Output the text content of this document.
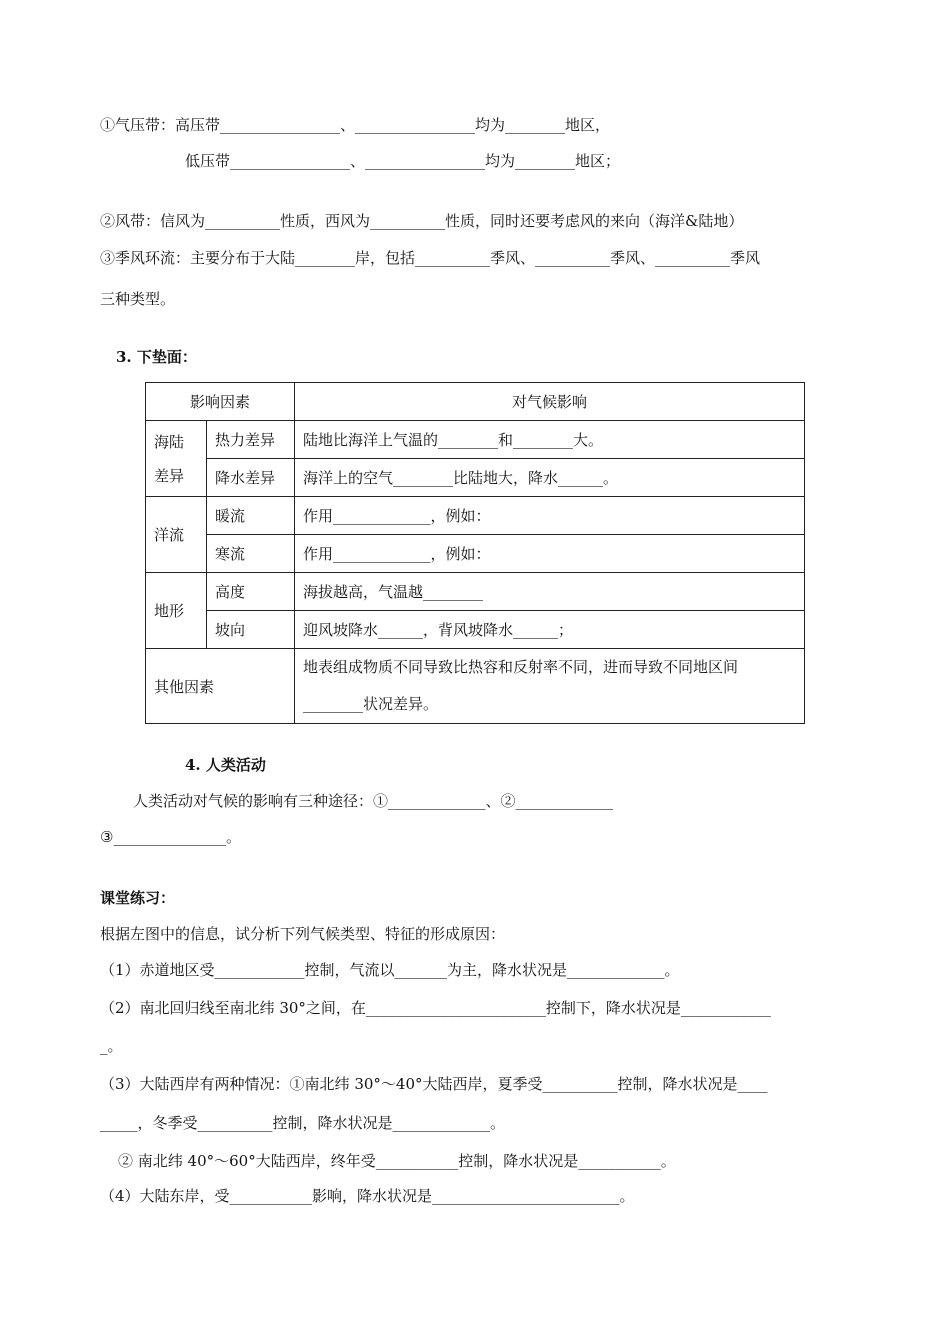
①气压带：高压带________________、________________均为________地区，
低压带________________、________________均为________地区；
②风带：信风为__________性质，西风为__________性质，同时还要考虑风的来向（海洋&陆地）
③季风环流：主要分布于大陆________岸，包括__________季风、__________季风、__________季风
三种类型。
3. 下垫面：
影响因素		对气候影响
海陆
差异	热力差异	陆地比海洋上气温的________和________大。
	降水差异	海洋上的空气________比陆地大，降水______。
洋流	暖流	作用_____________，例如：
	寒流	作用_____________，例如：
地形	高度	海拔越高，气温越________
	坡向	迎风坡降水______，背风坡降水______；
其他因素		地表组成物质不同导致比热容和反射率不同，进而导致不同地区间
________状况差异。
4. 人类活动
人类活动对气候的影响有三种途径：①_____________、②_____________
③_______________。
课堂练习：
根据左图中的信息，试分析下列气候类型、特征的形成原因：
（1）赤道地区受____________控制，气流以_______为主，降水状况是_____________。
（2）南北回归线至南北纬 30°之间，在________________________控制下，降水状况是____________
_。
（3）大陆西岸有两种情况：①南北纬 30°～40°大陆西岸，夏季受__________控制，降水状况是____
_____，冬季受__________控制，降水状况是_____________。
② 南北纬 40°～60°大陆西岸，终年受___________控制，降水状况是___________。
（4）大陆东岸，受___________影响，降水状况是_________________________。
